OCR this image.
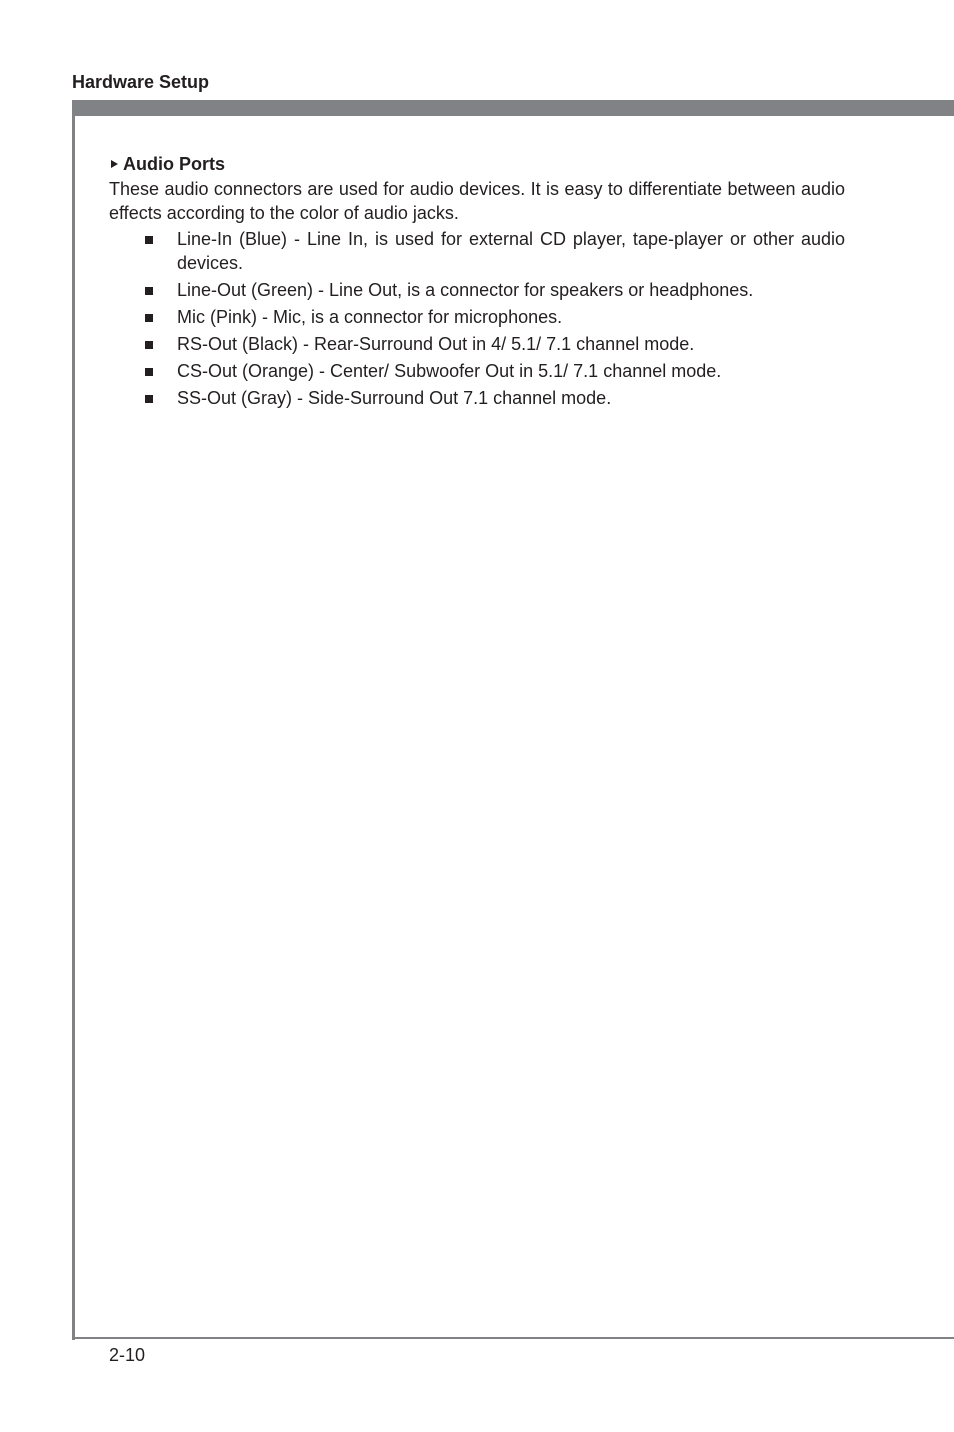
Hardware Setup
Audio Ports

These audio connectors are used for audio devices. It is easy to differentiate between audio effects according to the color of audio jacks.

Line-In (Blue) - Line In, is used for external CD player, tape-player or other audio devices.
Line-Out (Green) - Line Out, is a connector for speakers or headphones.
Mic (Pink) - Mic, is a connector for microphones.
RS-Out (Black) - Rear-Surround Out in 4/ 5.1/ 7.1 channel mode.
CS-Out (Orange) - Center/ Subwoofer Out in 5.1/ 7.1 channel mode.
SS-Out (Gray) - Side-Surround Out 7.1 channel mode.
2-10
